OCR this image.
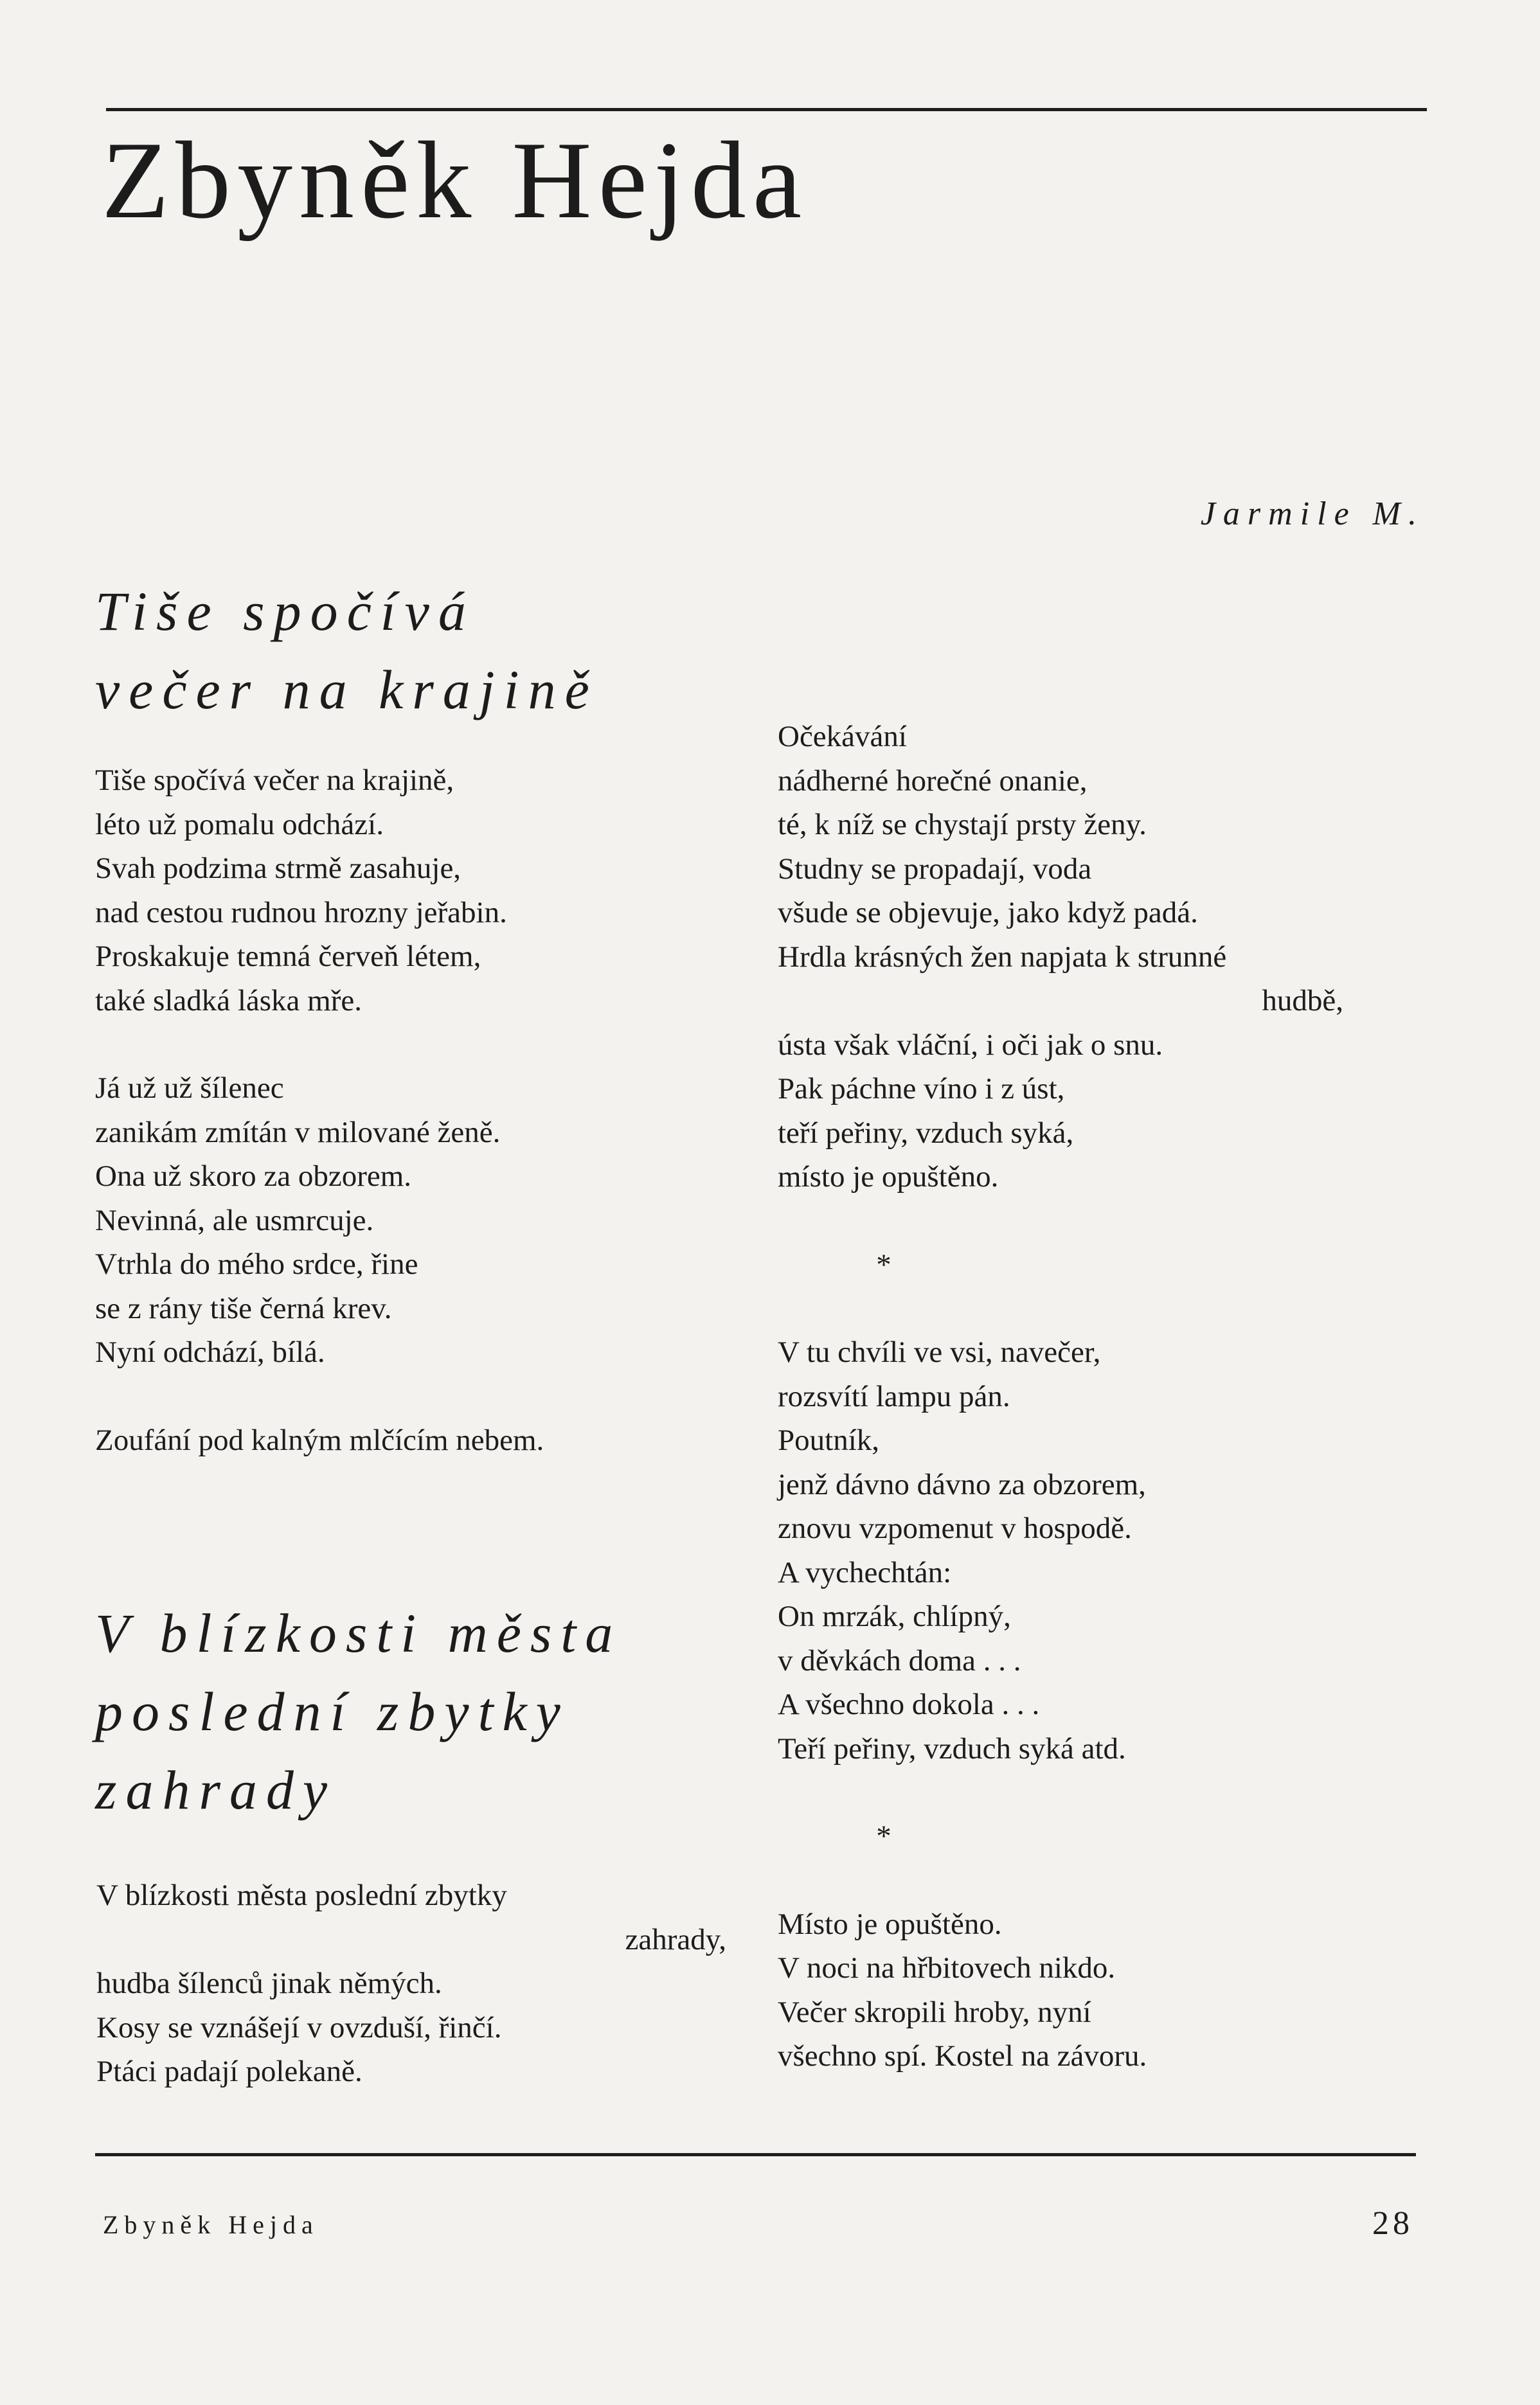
Zbyněk Hejda
Jarmile M.
Tiše spočívá
večer na krajině
Tiše spočívá večer na krajině,
léto už pomalu odchází.
Svah podzima strmě zasahuje,
nad cestou rudnou hrozny jeřabin.
Proskakuje temná červeň létem,
také sladká láska mře.
Já už už šílenec
zanikám zmítán v milované ženě.
Ona už skoro za obzorem.
Nevinná, ale usmrcuje.
Vtrhla do mého srdce, řine
se z rány tiše černá krev.
Nyní odchází, bílá.
Zoufání pod kalným mlčícím nebem.
V blízkosti města
poslední zbytky
zahrady
V blízkosti města poslední zbytky
zahrady,
hudba šílenců jinak němých.
Kosy se vznášejí v ovzduší, řinčí.
Ptáci padají polekaně.
Očekávání
nádherné horečné onanie,
té, k níž se chystají prsty ženy.
Studny se propadají, voda
všude se objevuje, jako když padá.
Hrdla krásných žen napjata k strunné
hudbě,
ústa však vláční, i oči jak o snu.
Pak páchne víno i z úst,
teří peřiny, vzduch syká,
místo je opuštěno.
*
V tu chvíli ve vsi, navečer,
rozsvítí lampu pán.
Poutník,
jenž dávno dávno za obzorem,
znovu vzpomenut v hospodě.
A vychechtán:
On mrzák, chlípný,
v děvkách doma . . .
A všechno dokola . . .
Teří peřiny, vzduch syká atd.
*
Místo je opuštěno.
V noci na hřbitovech nikdo.
Večer skropili hroby, nyní
všechno spí. Kostel na závoru.
Zbyněk Hejda	28
